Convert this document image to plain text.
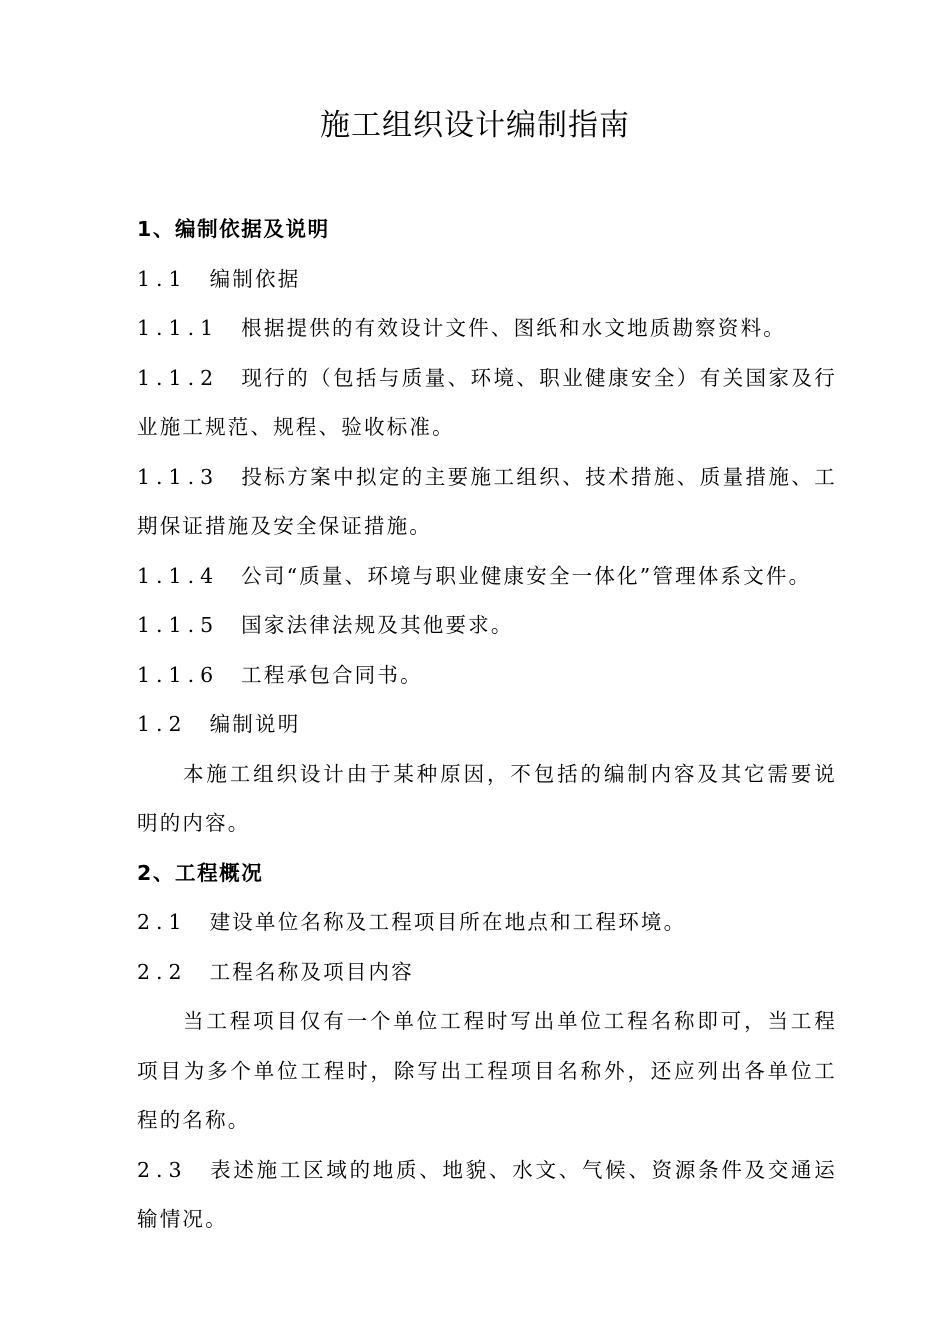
施工组织设计编制指南

1、编制依据及说明

1.1 编制依据

1.1.1 根据提供的有效设计文件、图纸和水文地质勘察资料。

1.1.2 现行的（包括与质量、环境、职业健康安全）有关国家及行业施工规范、规程、验收标准。

1.1.3 投标方案中拟定的主要施工组织、技术措施、质量措施、工期保证措施及安全保证措施。

1.1.4 公司“质量、环境与职业健康安全一体化”管理体系文件。

1.1.5 国家法律法规及其他要求。

1.1.6 工程承包合同书。

1.2 编制说明

本施工组织设计由于某种原因，不包括的编制内容及其它需要说明的内容。

2、工程概况

2.1 建设单位名称及工程项目所在地点和工程环境。

2.2 工程名称及项目内容

当工程项目仅有一个单位工程时写出单位工程名称即可，当工程项目为多个单位工程时，除写出工程项目名称外，还应列出各单位工程的名称。

2.3 表述施工区域的地质、地貌、水文、气候、资源条件及交通运输情况。
